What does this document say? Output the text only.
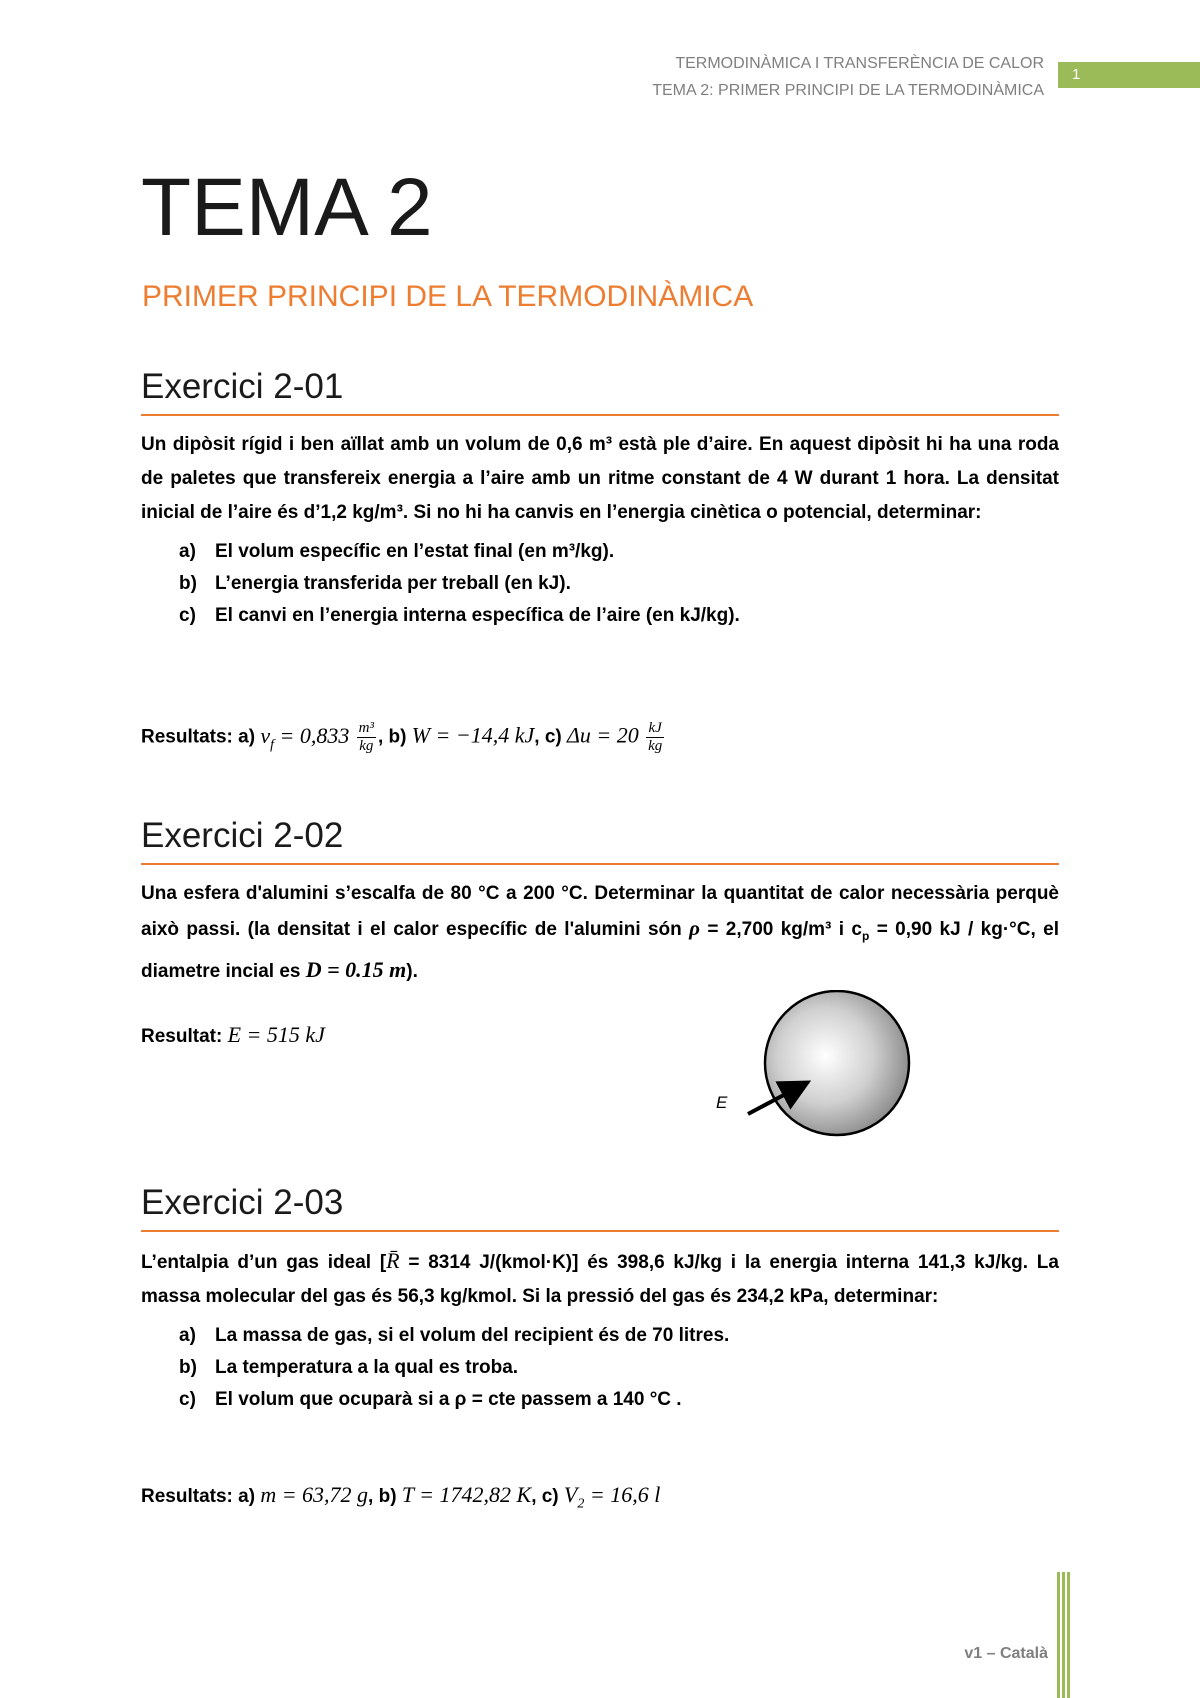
TERMODINÀMICA I TRANSFERÈNCIA DE CALOR
TEMA 2: PRIMER PRINCIPI DE LA TERMODINÀMICA
1
TEMA 2
PRIMER PRINCIPI DE LA TERMODINÀMICA
Exercici 2-01

Un dipòsit rígid i ben aïllat amb un volum de 0,6 m³ està ple d’aire. En aquest dipòsit hi ha una roda de paletes que transfereix energia a l’aire amb un ritme constant de 4 W durant 1 hora. La densitat inicial de l’aire és d’1,2 kg/m³. Si no hi ha canvis en l’energia cinètica o potencial, determinar:

a) El volum específic en l’estat final (en m³/kg).
b) L’energia transferida per treball (en kJ).
c) El canvi en l’energia interna específica de l’aire (en kJ/kg).
Resultats: a) $v_f = 0,833 \frac{\text{m³}}{kg}$ , b) W = −14,4 kJ, c) $\Delta u = 20 \frac{kJ}{kg}$
Exercici 2-02

Una esfera d'alumini s’escalfa de 80 °C a 200 °C. Determinar la quantitat de calor necessària perquè això passi. (la densitat i el calor específic de l'alumini són ρ = 2,700 kg/m³ i $c_p = 0,90$ kJ / kg·°C, el diametre incial es D = 0.15 m).

Resultat: E = 515 kJ
E
Exercici 2-03

L’entalpia d’un gas ideal [R̄ = 8314 J/(kmol·K)] és 398,6 kJ/kg i la energia interna 141,3 kJ/kg. La massa molecular del gas és 56,3 kg/kmol. Si la pressió del gas és 234,2 kPa, determinar:

a) La massa de gas, si el volum del recipient és de 70 litres.
b) La temperatura a la qual es troba.
c) El volum que ocuparà si a ρ = cte passem a 140 °C .
Resultats: a) m = 63,72 g, b) T = 1742,82 K, c) $V_2 = 16,6$ l
v1 – Català
